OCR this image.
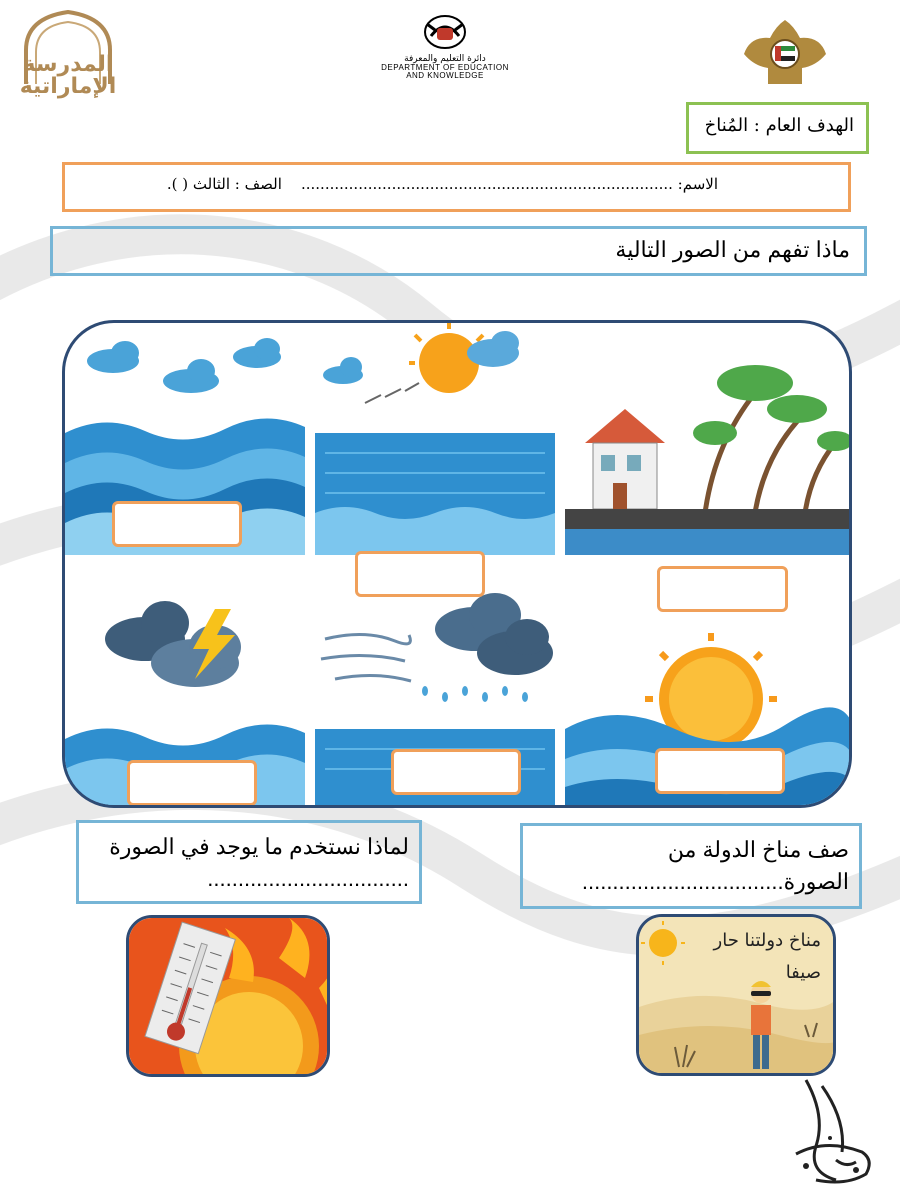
المدرسة الإماراتية
دائرة التعليم والمعرفة
DEPARTMENT OF EDUCATION
AND KNOWLEDGE
الهدف العام : المُناخ
الاسم: ..............................................................................    الصف : الثالث ( ).
ماذا تفهم من الصور التالية
لماذا نستخدم ما يوجد في الصورة .................................
صف مناخ الدولة من الصورة.................................
مناخ دولتنا حار
صيفا
